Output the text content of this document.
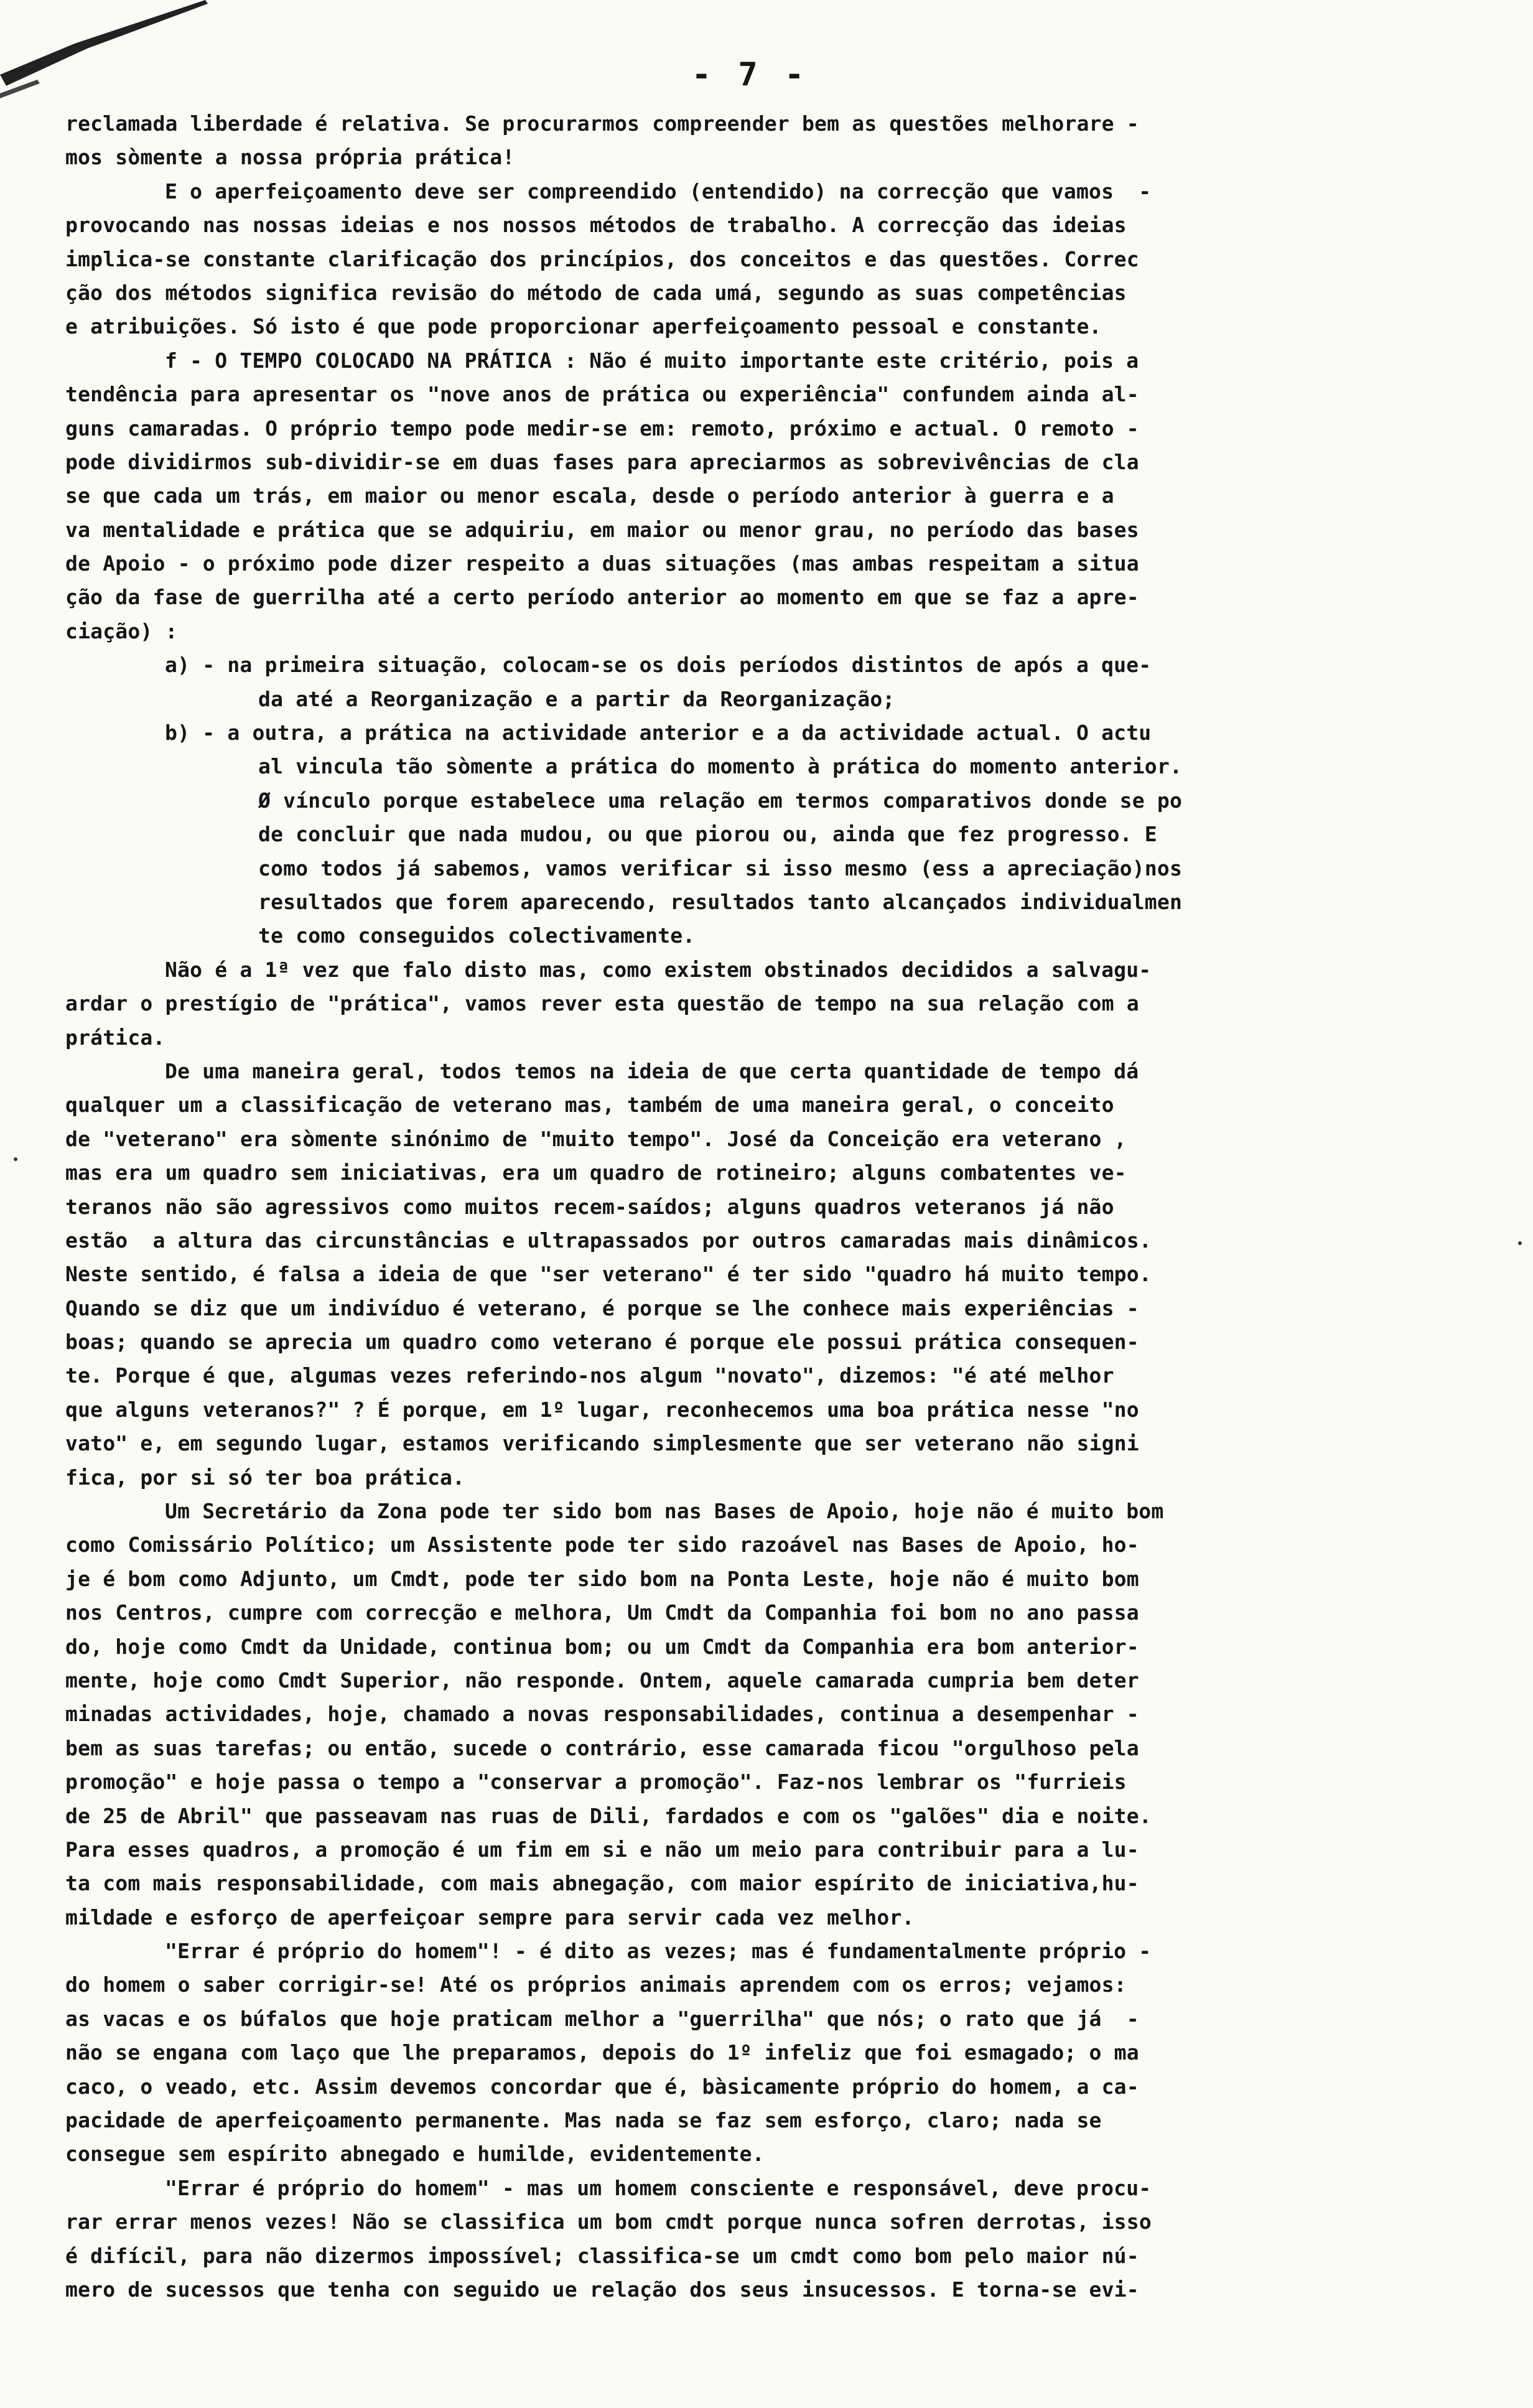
- 7 -
reclamada liberdade é relativa. Se procurarmos compreender bem as questões melhorare -
mos sòmente a nossa própria prática!
E o aperfeiçoamento deve ser compreendido (entendido) na correcção que vamos  -
provocando nas nossas ideias e nos nossos métodos de trabalho. A correcção das ideias
implica-se constante clarificação dos princípios, dos conceitos e das questões. Correc
ção dos métodos significa revisão do método de cada umá, segundo as suas competências
e atribuições. Só isto é que pode proporcionar aperfeiçoamento pessoal e constante.
f - O TEMPO COLOCADO NA PRÁTICA : Não é muito importante este critério, pois a
tendência para apresentar os "nove anos de prática ou experiência" confundem ainda al-
guns camaradas. O próprio tempo pode medir-se em: remoto, próximo e actual. O remoto -
pode dividirmos sub-dividir-se em duas fases para apreciarmos as sobrevivências de cla
se que cada um trás, em maior ou menor escala, desde o período anterior à guerra e a
va mentalidade e prática que se adquiriu, em maior ou menor grau, no período das bases
de Apoio - o próximo pode dizer respeito a duas situações (mas ambas respeitam a situa
ção da fase de guerrilha até a certo período anterior ao momento em que se faz a apre-
ciação) :
a) - na primeira situação, colocam-se os dois períodos distintos de após a que-
da até a Reorganização e a partir da Reorganização;
b) - a outra, a prática na actividade anterior e a da actividade actual. O actu
al vincula tão sòmente a prática do momento à prática do momento anterior.
Ø vínculo porque estabelece uma relação em termos comparativos donde se po
de concluir que nada mudou, ou que piorou ou, ainda que fez progresso. E
como todos já sabemos, vamos verificar si isso mesmo (ess a apreciação)nos
resultados que forem aparecendo, resultados tanto alcançados individualmen
te como conseguidos colectivamente.
Não é a 1ª vez que falo disto mas, como existem obstinados decididos a salvagu-
ardar o prestígio de "prática", vamos rever esta questão de tempo na sua relação com a
prática.
De uma maneira geral, todos temos na ideia de que certa quantidade de tempo dá
qualquer um a classificação de veterano mas, também de uma maneira geral, o conceito
de "veterano" era sòmente sinónimo de "muito tempo". José da Conceição era veterano ,
mas era um quadro sem iniciativas, era um quadro de rotineiro; alguns combatentes ve-
teranos não são agressivos como muitos recem-saídos; alguns quadros veteranos já não
estão  a altura das circunstâncias e ultrapassados por outros camaradas mais dinâmicos.
Neste sentido, é falsa a ideia de que "ser veterano" é ter sido "quadro há muito tempo.
Quando se diz que um indivíduo é veterano, é porque se lhe conhece mais experiências -
boas; quando se aprecia um quadro como veterano é porque ele possui prática consequen-
te. Porque é que, algumas vezes referindo-nos algum "novato", dizemos: "é até melhor
que alguns veteranos?" ? É porque, em 1º lugar, reconhecemos uma boa prática nesse "no
vato" e, em segundo lugar, estamos verificando simplesmente que ser veterano não signi
fica, por si só ter boa prática.
Um Secretário da Zona pode ter sido bom nas Bases de Apoio, hoje não é muito bom
como Comissário Político; um Assistente pode ter sido razoável nas Bases de Apoio, ho-
je é bom como Adjunto, um Cmdt, pode ter sido bom na Ponta Leste, hoje não é muito bom
nos Centros, cumpre com correcção e melhora, Um Cmdt da Companhia foi bom no ano passa
do, hoje como Cmdt da Unidade, continua bom; ou um Cmdt da Companhia era bom anterior-
mente, hoje como Cmdt Superior, não responde. Ontem, aquele camarada cumpria bem deter
minadas actividades, hoje, chamado a novas responsabilidades, continua a desempenhar -
bem as suas tarefas; ou então, sucede o contrário, esse camarada ficou "orgulhoso pela
promoção" e hoje passa o tempo a "conservar a promoção". Faz-nos lembrar os "furrieis
de 25 de Abril" que passeavam nas ruas de Dili, fardados e com os "galões" dia e noite.
Para esses quadros, a promoção é um fim em si e não um meio para contribuir para a lu-
ta com mais responsabilidade, com mais abnegação, com maior espírito de iniciativa,hu-
mildade e esforço de aperfeiçoar sempre para servir cada vez melhor.
"Errar é próprio do homem"! - é dito as vezes; mas é fundamentalmente próprio -
do homem o saber corrigir-se! Até os próprios animais aprendem com os erros; vejamos:
as vacas e os búfalos que hoje praticam melhor a "guerrilha" que nós; o rato que já  -
não se engana com laço que lhe preparamos, depois do 1º infeliz que foi esmagado; o ma
caco, o veado, etc. Assim devemos concordar que é, bàsicamente próprio do homem, a ca-
pacidade de aperfeiçoamento permanente. Mas nada se faz sem esforço, claro; nada se
consegue sem espírito abnegado e humilde, evidentemente.
"Errar é próprio do homem" - mas um homem consciente e responsável, deve procu-
rar errar menos vezes! Não se classifica um bom cmdt porque nunca sofren derrotas, isso
é difícil, para não dizermos impossível; classifica-se um cmdt como bom pelo maior nú-
mero de sucessos que tenha con seguido ue relação dos seus insucessos. E torna-se evi-
